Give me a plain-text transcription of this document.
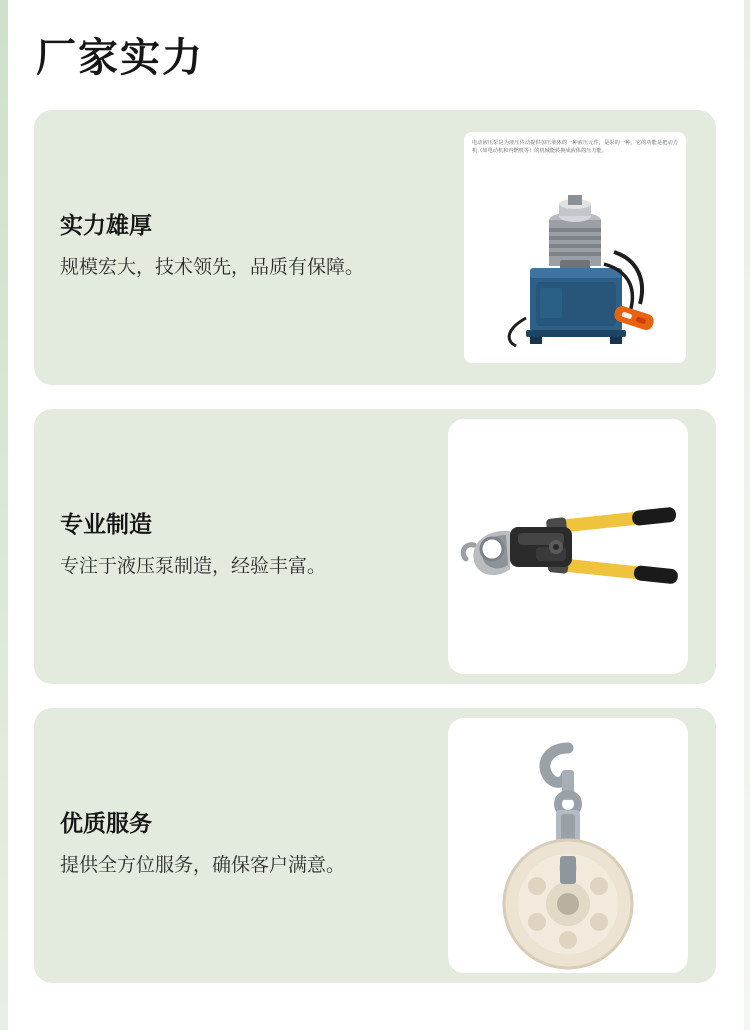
厂家实力
实力雄厚
规模宏大，技术领先，品质有保障。
电动液压泵是为液压传动提供加压液体的一种液压元件，是泵的一种。它的功能是把动力机（如电动机和内燃机等）的机械能转换成液体的压力能。
专业制造
专注于液压泵制造，经验丰富。
优质服务
提供全方位服务，确保客户满意。
